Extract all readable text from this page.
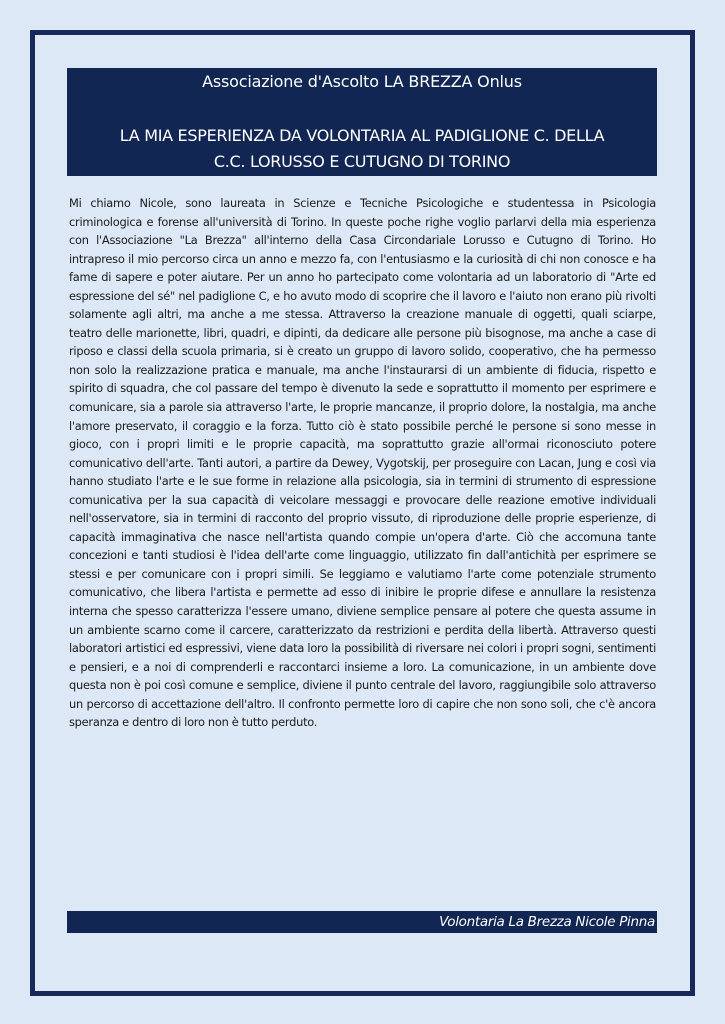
Associazione d'Ascolto LA BREZZA Onlus
LA MIA ESPERIENZA DA VOLONTARIA AL PADIGLIONE C. DELLA
C.C. LORUSSO E CUTUGNO DI TORINO
Mi chiamo Nicole, sono laureata in Scienze e Tecniche Psicologiche e studentessa in Psicologia criminologica e forense all'università di Torino. In queste poche righe voglio parlarvi della mia esperienza con l'Associazione "La Brezza" all'interno della Casa Circondariale Lorusso e Cutugno di Torino. Ho intrapreso il mio percorso circa un anno e mezzo fa, con l'entusiasmo e la curiosità di chi non conosce e ha fame di sapere e poter aiutare. Per un anno ho partecipato come volontaria ad un laboratorio di "Arte ed espressione del sé" nel padiglione C, e ho avuto modo di scoprire che il lavoro e l'aiuto non erano più rivolti solamente agli altri, ma anche a me stessa. Attraverso la creazione manuale di oggetti, quali sciarpe, teatro delle marionette, libri, quadri, e dipinti, da dedicare alle persone più bisognose, ma anche a case di riposo e classi della scuola primaria, si è creato un gruppo di lavoro solido, cooperativo, che ha permesso non solo la realizzazione pratica e manuale, ma anche l'instaurarsi di un ambiente di fiducia, rispetto e spirito di squadra, che col passare del tempo è divenuto la sede e soprattutto il momento per esprimere e comunicare, sia a parole sia attraverso l'arte, le proprie mancanze, il proprio dolore, la nostalgia, ma anche l'amore preservato, il coraggio e la forza. Tutto ciò è stato possibile perché le persone si sono messe in gioco, con i propri limiti e le proprie capacità, ma soprattutto grazie all'ormai riconosciuto potere comunicativo dell'arte. Tanti autori, a partire da Dewey, Vygotskij, per proseguire con Lacan, Jung e così via hanno studiato l'arte e le sue forme in relazione alla psicologia, sia in termini di strumento di espressione comunicativa per la sua capacità di veicolare messaggi e provocare delle reazione emotive individuali nell'osservatore, sia in termini di racconto del proprio vissuto, di riproduzione delle proprie esperienze, di capacità immaginativa che nasce nell'artista quando compie un'opera d'arte. Ciò che accomuna tante concezioni e tanti studiosi è l'idea dell'arte come linguaggio, utilizzato fin dall'antichità per esprimere se stessi e per comunicare con i propri simili. Se leggiamo e valutiamo l'arte come potenziale strumento comunicativo, che libera l'artista e permette ad esso di inibire le proprie difese e annullare la resistenza interna che spesso caratterizza l'essere umano, diviene semplice pensare al potere che questa assume in un ambiente scarno come il carcere, caratterizzato da restrizioni e perdita della libertà. Attraverso questi laboratori artistici ed espressivi, viene data loro la possibilità di riversare nei colori i propri sogni, sentimenti e pensieri, e a noi di comprenderli e raccontarci insieme a loro. La comunicazione, in un ambiente dove questa non è poi così comune e semplice, diviene il punto centrale del lavoro, raggiungibile solo attraverso un percorso di accettazione dell'altro. Il confronto permette loro di capire che non sono soli, che c'è ancora speranza e dentro di loro non è tutto perduto.
Volontaria La Brezza Nicole Pinna
